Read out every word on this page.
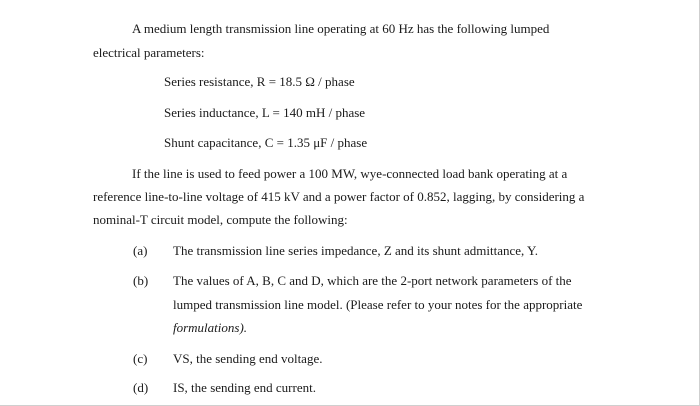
A medium length transmission line operating at 60 Hz has the following lumped
electrical parameters:
Series resistance, R = 18.5 Ω / phase
Series inductance, L = 140 mH / phase
Shunt capacitance, C = 1.35 μF / phase
If the line is used to feed power a 100 MW, wye-connected load bank operating at a
reference line-to-line voltage of 415 kV and a power factor of 0.852, lagging, by considering a
nominal-T circuit model, compute the following:
(a) The transmission line series impedance, Z and its shunt admittance, Y.
(b) The values of A, B, C and D, which are the 2-port network parameters of the
lumped transmission line model. (Please refer to your notes for the appropriate
formulations).
(c) VS, the sending end voltage.
(d) IS, the sending end current.
